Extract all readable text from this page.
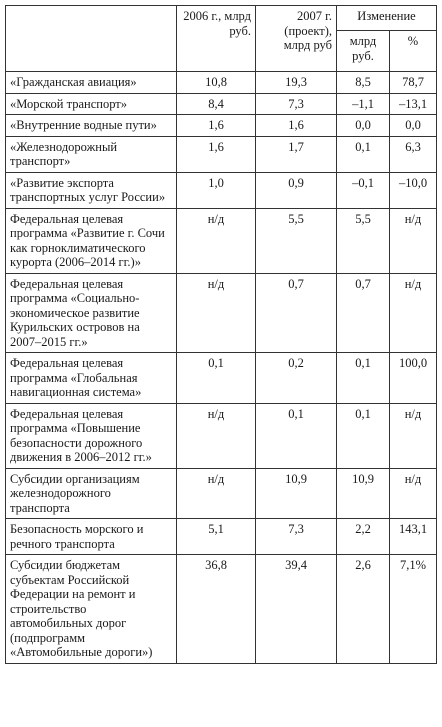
	2006 г., млрд руб.	2007 г. (проект), млрд руб	Изменение	
			млрд руб.	%
«Гражданская авиация»	10,8	19,3	8,5	78,7
«Морской транспорт»	8,4	7,3	–1,1	–13,1
«Внутренние водные пути»	1,6	1,6	0,0	0,0
«Железнодорожный транспорт»	1,6	1,7	0,1	6,3
«Развитие экспорта транспортных услуг России»	1,0	0,9	–0,1	–10,0
Федеральная целевая программа «Развитие г. Сочи как горноклиматического курорта (2006–2014 гг.)»	н/д	5,5	5,5	н/д
Федеральная целевая программа «Социально-экономическое развитие Курильских островов на 2007–2015 гг.»	н/д	0,7	0,7	н/д
Федеральная целевая программа «Глобальная навигационная система»	0,1	0,2	0,1	100,0
Федеральная целевая программа «Повышение безопасности дорожного движения в 2006–2012 гг.»	н/д	0,1	0,1	н/д
Субсидии организациям железнодорожного транспорта	н/д	10,9	10,9	н/д
Безопасность морского и речного транспорта	5,1	7,3	2,2	143,1
Субсидии бюджетам субъектам Российской Федерации на ремонт и строительство автомобильных дорог (подпрограмм «Автомобильные дороги»)	36,8	39,4	2,6	7,1%
